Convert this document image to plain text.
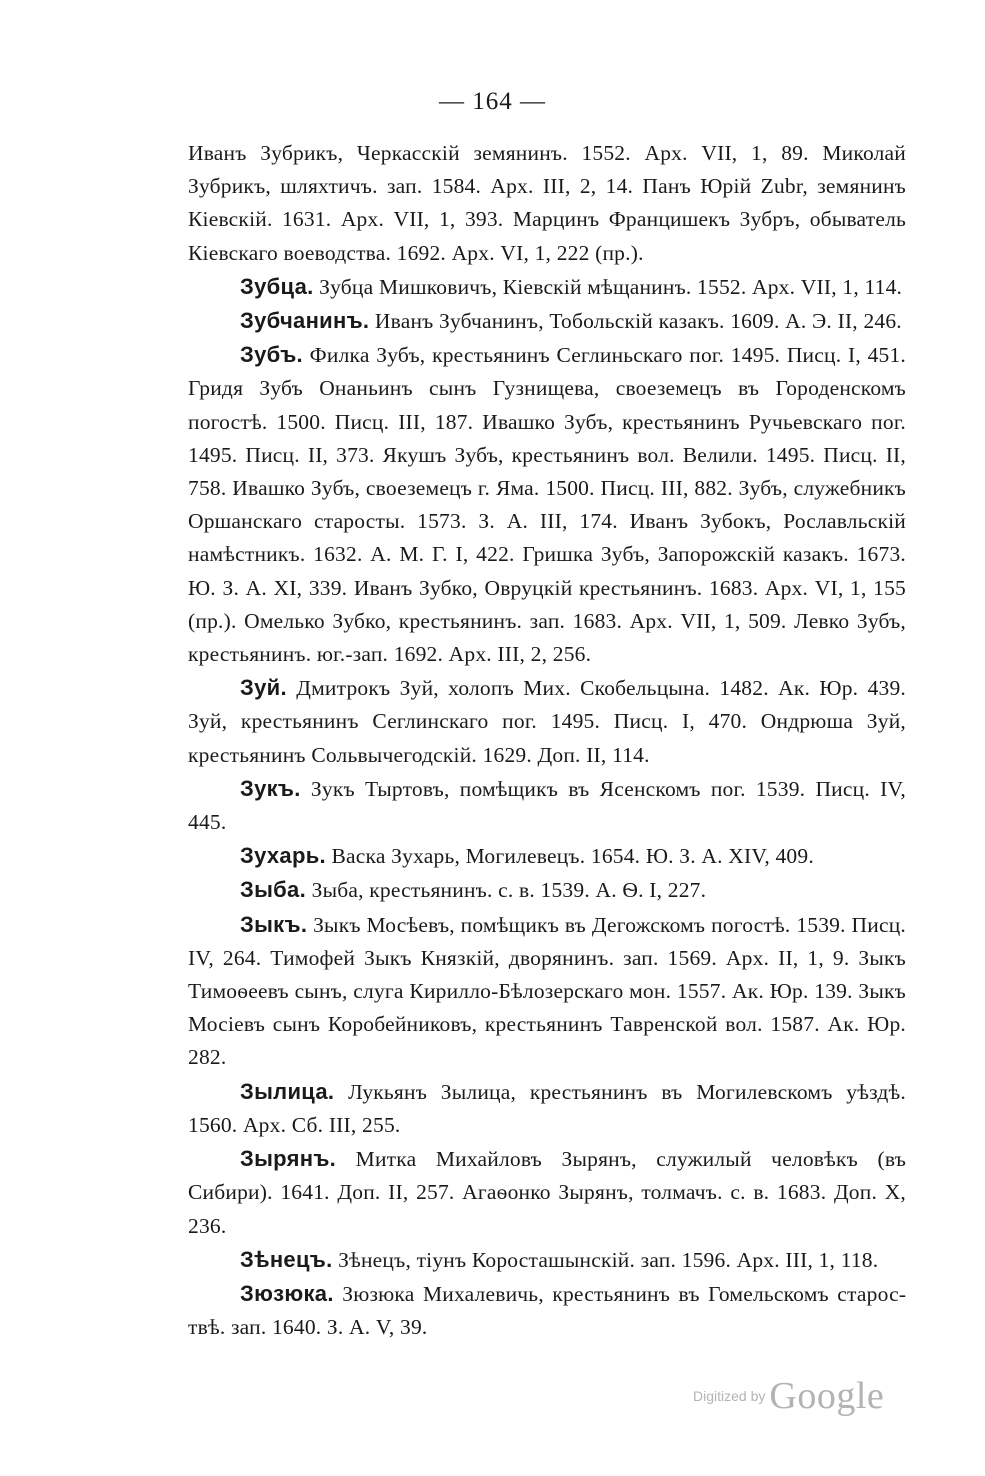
— 164 —

Иванъ Зубрикъ, Черкасскій земянинъ. 1552. Арх. VII, 1, 89. Миколай Зубрикъ, шляхтичъ. зап. 1584. Арх. III, 2, 14. Панъ Юрій Zubr, земянинъ Кіевскій. 1631. Арх. VII, 1, 393. Марцинъ Францишекъ Зубръ, обыватель Кіевскаго воеводства. 1692. Арх. VI, 1, 222 (пр.).

Зубца. Зубца Мишковичъ, Кіевскій мѣщанинъ. 1552. Арх. VII, 1, 114.

Зубчанинъ. Иванъ Зубчанинъ, Тобольскій казакъ. 1609. А. Э. II, 246.

Зубъ. Филка Зубъ, крестьянинъ Сеглиньскаго пог. 1495. Писц. I, 451. Гридя Зубъ Онаньинъ сынъ Гузнищева, своеземецъ въ Городенскомъ погостѣ. 1500. Писц. III, 187. Ивашко Зубъ, крестьянинъ Ручьевскаго пог. 1495. Писц. II, 373. Якушъ Зубъ, крестьянинъ вол. Велили. 1495. Писц. II, 758. Ивашко Зубъ, своеземецъ г. Яма. 1500. Писц. III, 882. Зубъ, служебникъ Оршанскаго старосты. 1573. З. А. III, 174. Иванъ Зубокъ, Рославльскій намѣстникъ. 1632. А. М. Г. I, 422. Гришка Зубъ, Запорожскій казакъ. 1673. Ю. З. А. XI, 339. Иванъ Зубко, Овруцкій крестьянинъ. 1683. Арх. VI, 1, 155 (пр.). Омелько Зубко, крестьянинъ. зап. 1683. Арх. VII, 1, 509. Левко Зубъ, крестьянинъ. юг.-зап. 1692. Арх. III, 2, 256.

Зуй. Дмитрокъ Зуй, холопъ Мих. Скобельцына. 1482. Ак. Юр. 439. Зуй, крестьянинъ Сеглинскаго пог. 1495. Писц. I, 470. Ондрюша Зуй, крестьянинъ Сольвычегодскій. 1629. Доп. II, 114.

Зукъ. Зукъ Тыртовъ, помѣщикъ въ Ясенскомъ пог. 1539. Писц. IV, 445.

Зухарь. Васка Зухарь, Могилевецъ. 1654. Ю. З. А. XIV, 409.

Зыба. Зыба, крестьянинъ. с. в. 1539. А. Ѳ. I, 227.

Зыкъ. Зыкъ Мосѣевъ, помѣщикъ въ Дегожскомъ погостѣ. 1539. Писц. IV, 264. Тимофей Зыкъ Князкій, дворянинъ. зап. 1569. Арх. II, 1, 9. Зыкъ Тимоѳеевъ сынъ, слуга Кирилло-Бѣлозерскаго мон. 1557. Ак. Юр. 139. Зыкъ Мосіевъ сынъ Коробейниковъ, крестьянинъ Тавренской вол. 1587. Ак. Юр. 282.

Зылица. Лукьянъ Зылица, крестьянинъ въ Могилевскомъ уѣздѣ. 1560. Арх. Сб. III, 255.

Зырянъ. Митка Михайловъ Зырянъ, служилый человѣкъ (въ Сибири). 1641. Доп. II, 257. Агаѳонко Зырянъ, толмачъ. с. в. 1683. Доп. X, 236.

Зѣнецъ. Зѣнецъ, тіунъ Коросташынскій. зап. 1596. Арх. III, 1, 118.

Зюзюка. Зюзюка Михалевичь, крестьянинъ въ Гомельскомъ староствѣ. зап. 1640. З. А. V, 39.

Digitized by Google
